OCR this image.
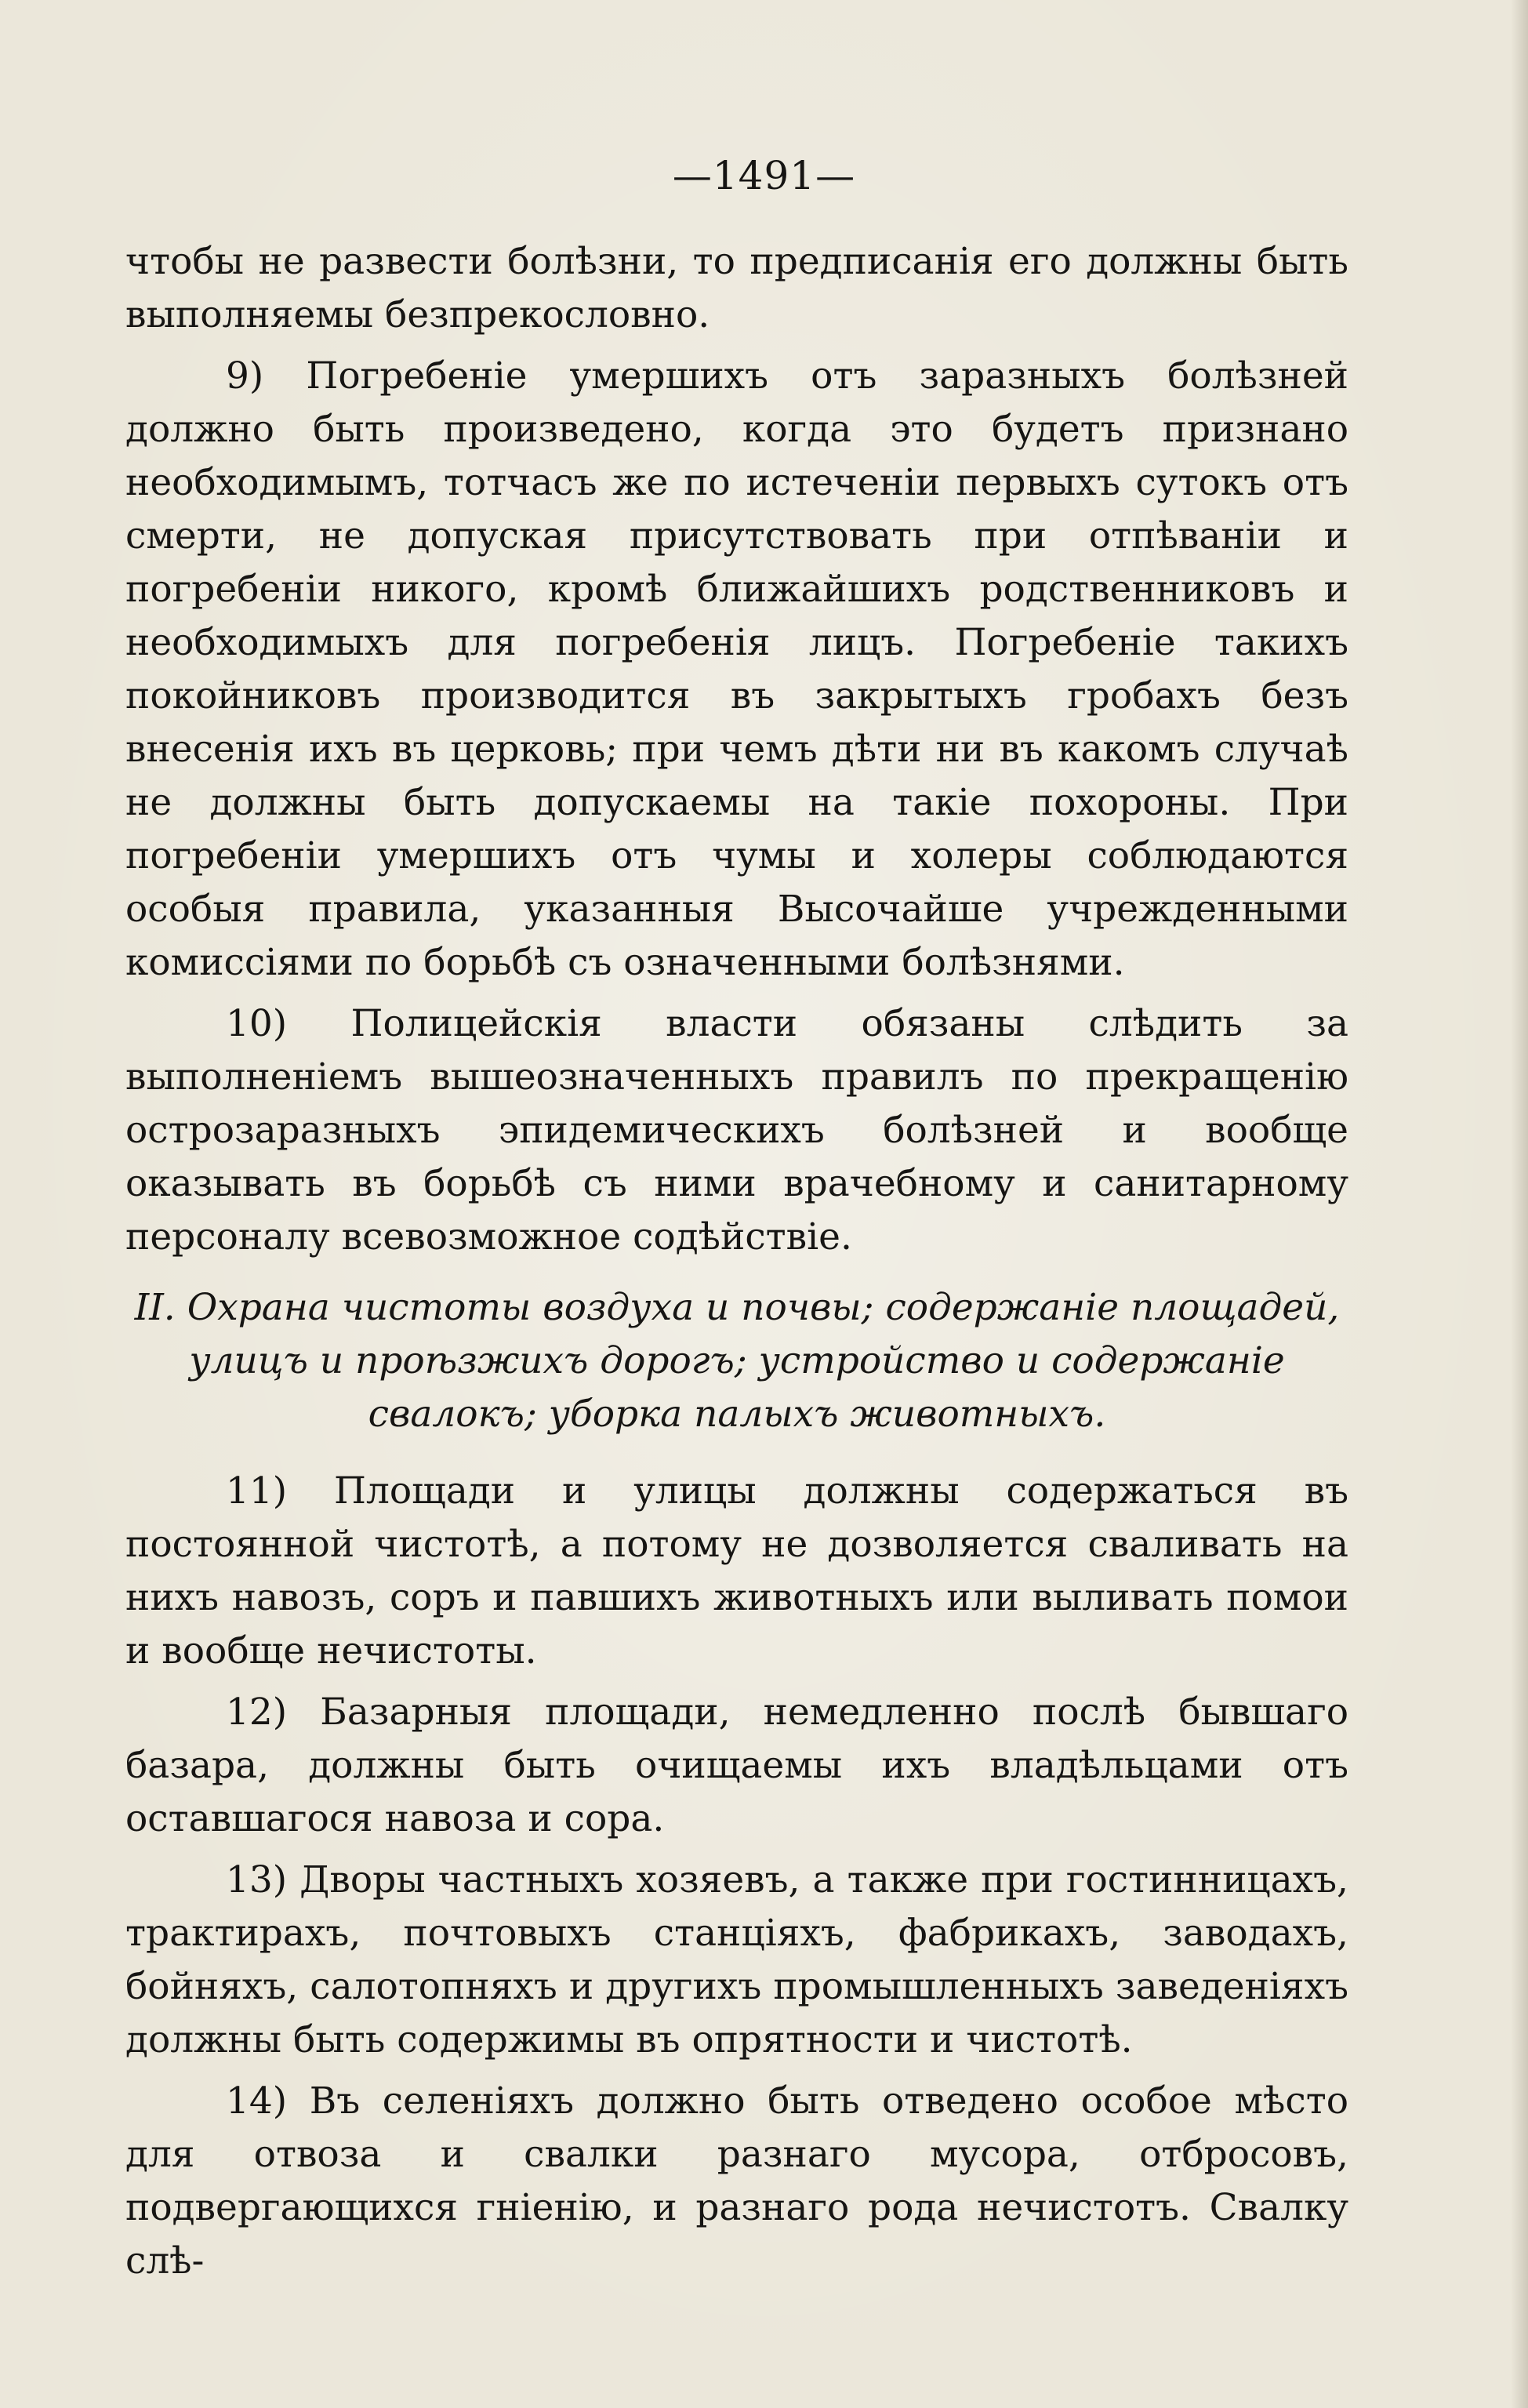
—1491—

чтобы не развести болѣзни, то предписанія его должны быть выполняемы безпрекословно.

9) Погребеніе умершихъ отъ заразныхъ болѣзней должно быть произведено, когда это будетъ признано необходимымъ, тотчасъ же по истеченіи первыхъ сутокъ отъ смерти, не допуская присутствовать при отпѣваніи и погребеніи никого, кромѣ ближайшихъ родственниковъ и необходимыхъ для погребенія лицъ. Погребеніе такихъ покойниковъ производится въ закрытыхъ гробахъ безъ внесенія ихъ въ церковь; при чемъ дѣти ни въ какомъ случаѣ не должны быть допускаемы на такіе похороны. При погребеніи умершихъ отъ чумы и холеры соблюдаются особыя правила, указанныя Высочайше учрежденными комиссіями по борьбѣ съ означенными болѣзнями.

10) Полицейскія власти обязаны слѣдить за выполненіемъ вышеозначенныхъ правилъ по прекращенію острозаразныхъ эпидемическихъ болѣзней и вообще оказывать въ борьбѣ съ ними врачебному и санитарному персоналу всевозможное содѣйствіе.

II. Охрана чистоты воздуха и почвы; содержаніе площадей, улицъ и проѣзжихъ дорогъ; устройство и содержаніе свалокъ; уборка палыхъ животныхъ.

11) Площади и улицы должны содержаться въ постоянной чистотѣ, а потому не дозволяется сваливать на нихъ навозъ, соръ и павшихъ животныхъ или выливать помои и вообще нечистоты.

12) Базарныя площади, немедленно послѣ бывшаго базара, должны быть очищаемы ихъ владѣльцами отъ оставшагося навоза и сора.

13) Дворы частныхъ хозяевъ, а также при гостинницахъ, трактирахъ, почтовыхъ станціяхъ, фабрикахъ, заводахъ, бойняхъ, салотопняхъ и другихъ промышленныхъ заведеніяхъ должны быть содержимы въ опрятности и чистотѣ.

14) Въ селеніяхъ должно быть отведено особое мѣсто для отвоза и свалки разнаго мусора, отбросовъ, подвергающихся гніенію, и разнаго рода нечистотъ. Свалку слѣ-
